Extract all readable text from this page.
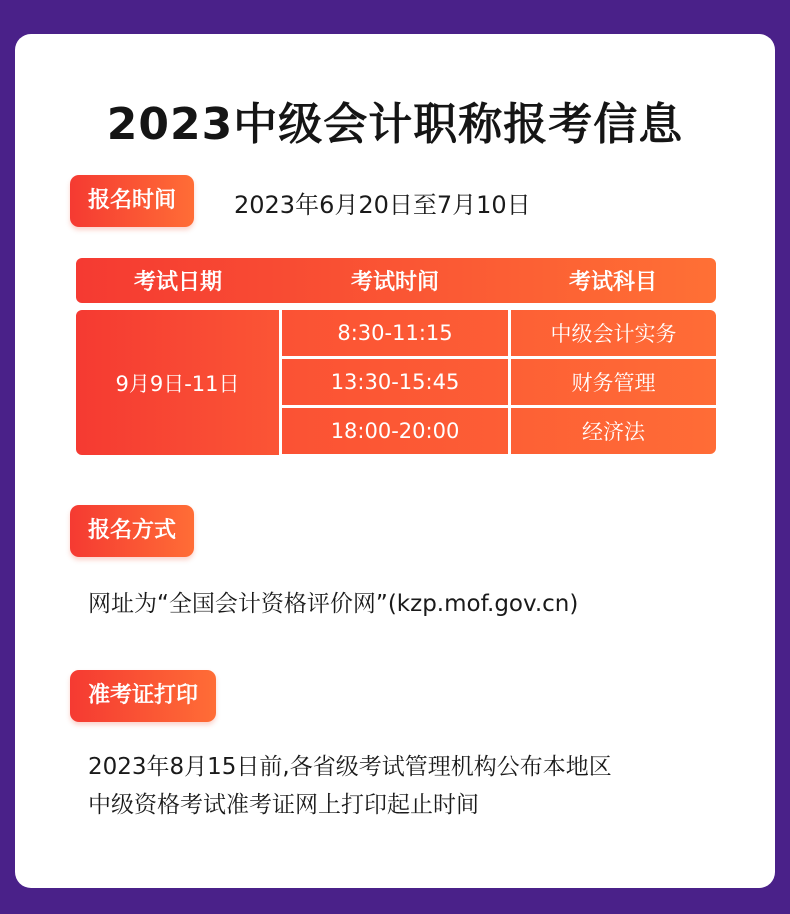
2023中级会计职称报考信息
报名时间	2023年6月20日至7月10日
考试日期	考试时间	考试科目
9月9日-11日
8:30-11:15	中级会计实务
13:30-15:45	财务管理
18:00-20:00	经济法
报名方式
网址为“全国会计资格评价网”(kzp.mof.gov.cn)
准考证打印
2023年8月15日前,各省级考试管理机构公布本地区
中级资格考试准考证网上打印起止时间
